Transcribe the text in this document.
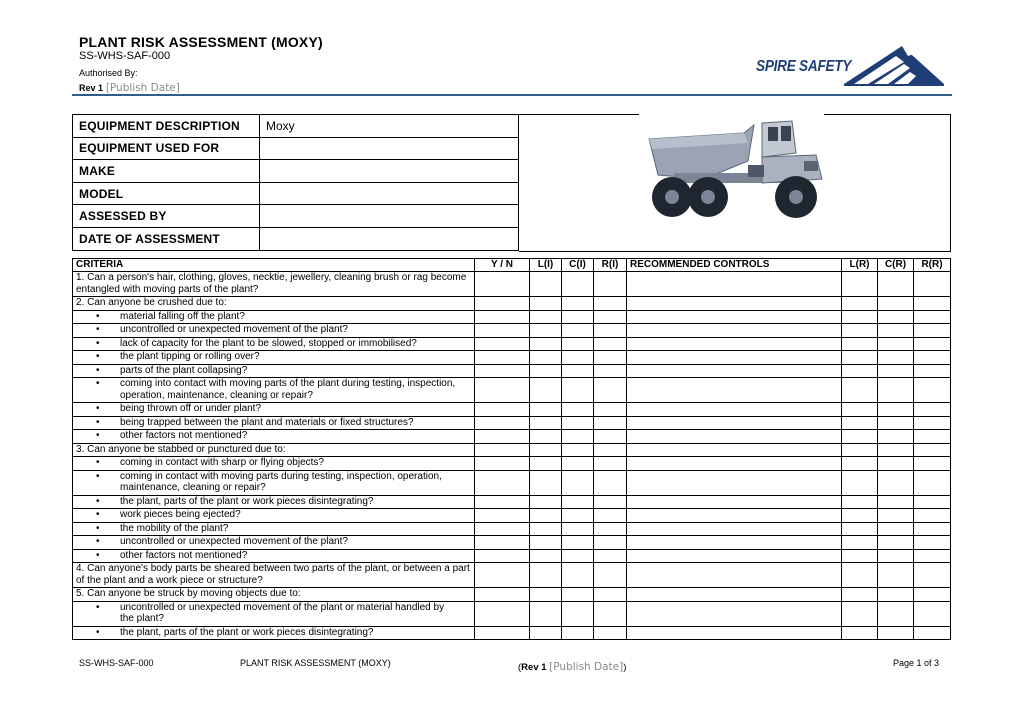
PLANT RISK ASSESSMENT (MOXY)
SS-WHS-SAF-000
Authorised By:
Rev 1 [Publish Date]
SPIRE SAFETY
EQUIPMENT DESCRIPTION	Moxy
EQUIPMENT USED FOR	
MAKE	
MODEL	
ASSESSED BY	
DATE OF ASSESSMENT	
CRITERIA	Y / N	L(I)	C(I)	R(I)	RECOMMENDED CONTROLS	L(R)	C(R)	R(R)
1. Can a person's hair, clothing, gloves, necktie, jewellery, cleaning brush or rag become entangled with moving parts of the plant?								
2. Can anyone be crushed due to:								
• material falling off the plant?								
• uncontrolled or unexpected movement of the plant?								
• lack of capacity for the plant to be slowed, stopped or immobilised?								
• the plant tipping or rolling over?								
• parts of the plant collapsing?								
• coming into contact with moving parts of the plant during testing, inspection, operation, maintenance, cleaning or repair?								
• being thrown off or under plant?								
• being trapped between the plant and materials or fixed structures?								
• other factors not mentioned?								
3. Can anyone be stabbed or punctured due to:								
• coming in contact with sharp or flying objects?								
• coming in contact with moving parts during testing, inspection, operation, maintenance, cleaning or repair?								
• the plant, parts of the plant or work pieces disintegrating?								
• work pieces being ejected?								
• the mobility of the plant?								
• uncontrolled or unexpected movement of the plant?								
• other factors not mentioned?								
4. Can anyone's body parts be sheared between two parts of the plant, or between a part of the plant and a work piece or structure?								
5. Can anyone be struck by moving objects due to:								
• uncontrolled or unexpected movement of the plant or material handled by the plant?								
• the plant, parts of the plant or work pieces disintegrating?								
SS-WHS-SAF-000	PLANT RISK ASSESSMENT (MOXY)	(Rev 1 [Publish Date])	Page 1 of 3
